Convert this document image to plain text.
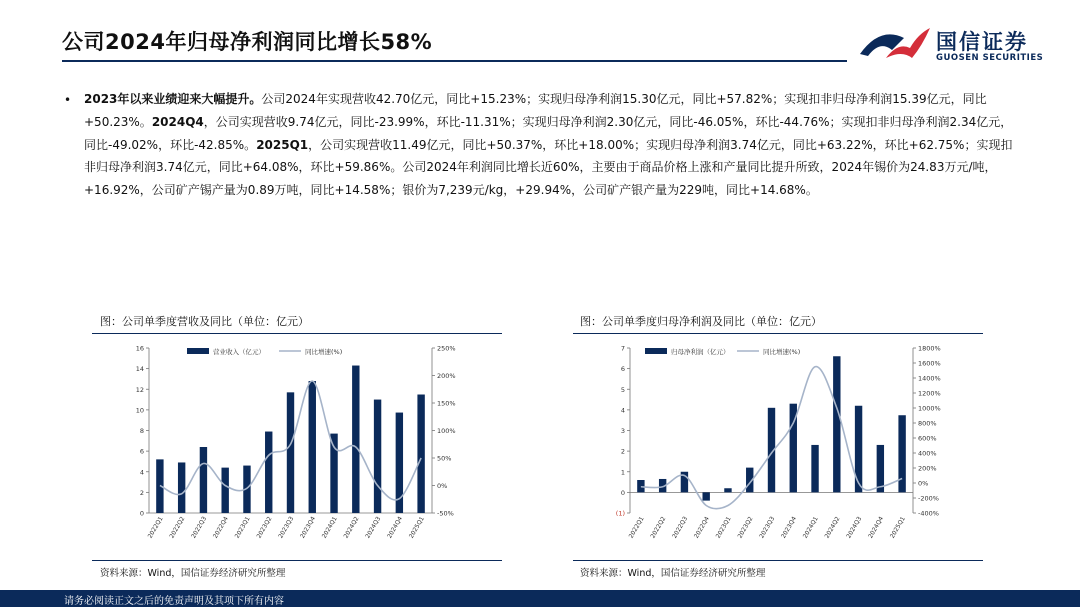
公司2024年归母净利润同比增长58%	国信证券
GUOSEN SECURITIES
• 2023年以来业绩迎来大幅提升。公司2024年实现营收42.70亿元，同比+15.23%；实现归母净利润15.30亿元，同比+57.82%；实现扣非归母净利润15.39亿元，同比+50.23%。2024Q4，公司实现营收9.74亿元，同比-23.99%，环比-11.31%；实现归母净利润2.30亿元，同比-46.05%，环比-44.76%；实现扣非归母净利润2.34亿元，同比-49.02%，环比-42.85%。2025Q1，公司实现营收11.49亿元，同比+50.37%，环比+18.00%；实现归母净利润3.74亿元，同比+63.22%，环比+62.75%；实现扣非归母净利润3.74亿元，同比+64.08%，环比+59.86%。公司2024年利润同比增长近60%，主要由于商品价格上涨和产量同比提升所致，2024年锡价为24.83万元/吨，+16.92%，公司矿产锡产量为0.89万吨，同比+14.58%；银价为7,239元/kg，+29.94%，公司矿产银产量为229吨，同比+14.68%。
图：公司单季度营收及同比（单位：亿元）
0
2
4
6
8
10
12
14
16
-50%
0%
50%
100%
150%
200%
250%
2022Q1 2022Q2 2022Q3 2022Q4 2023Q1 2023Q2 2023Q3 2023Q4 2024Q1 2024Q2 2024Q3 2024Q4 2025Q1
营业收入（亿元）	同比增速(%)
资料来源：Wind，国信证券经济研究所整理
图：公司单季度归母净利润及同比（单位：亿元）
(1)
0
1
2
3
4
5
6
7
-400%
-200%
0%
200%
400%
600%
800%
1000%
1200%
1400%
1600%
1800%
2022Q1 2022Q2 2022Q3 2022Q4 2023Q1 2023Q2 2023Q3 2023Q4 2024Q1 2024Q2 2024Q3 2024Q4 2025Q1
归母净利润（亿元）	同比增速(%)
资料来源：Wind，国信证券经济研究所整理
请务必阅读正文之后的免责声明及其项下所有内容
